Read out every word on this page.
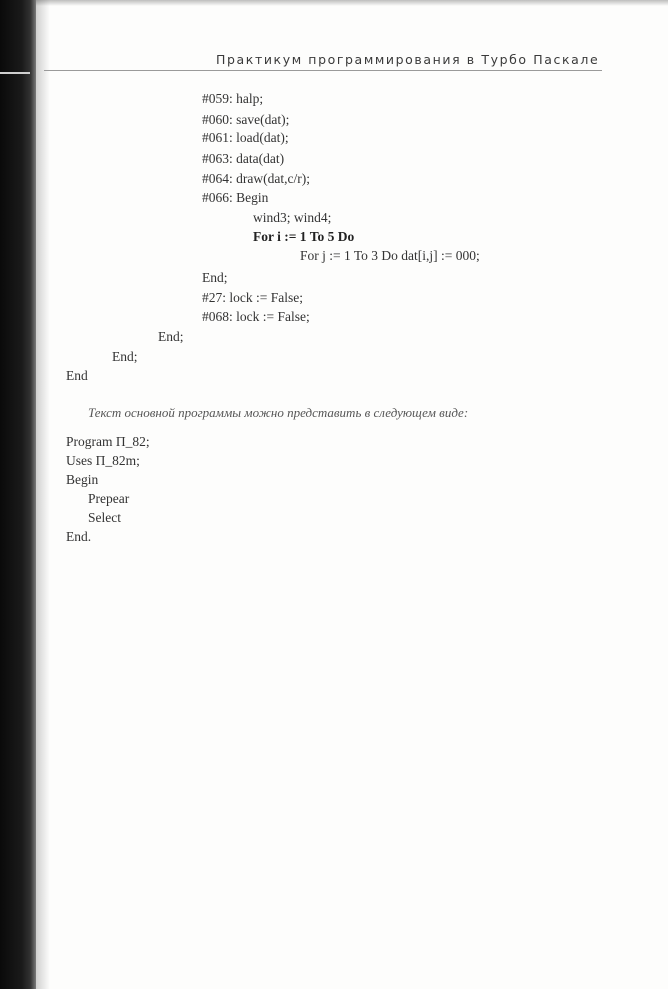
Практикум программирования в Турбо Паскале
#059: halp;
#060: save(dat);
#061: load(dat);
#063: data(dat)
#064: draw(dat,c/r);
#066: Begin
wind3; wind4;
For i := 1 To 5 Do
For j := 1 To 3 Do dat[i,j] := 000;
End;
#27: lock := False;
#068: lock := False;
End;
End;
End
Текст основной программы можно представить в следующем виде:
Program П_82;
Uses П_82m;
Begin
Prepear
Select
End.
